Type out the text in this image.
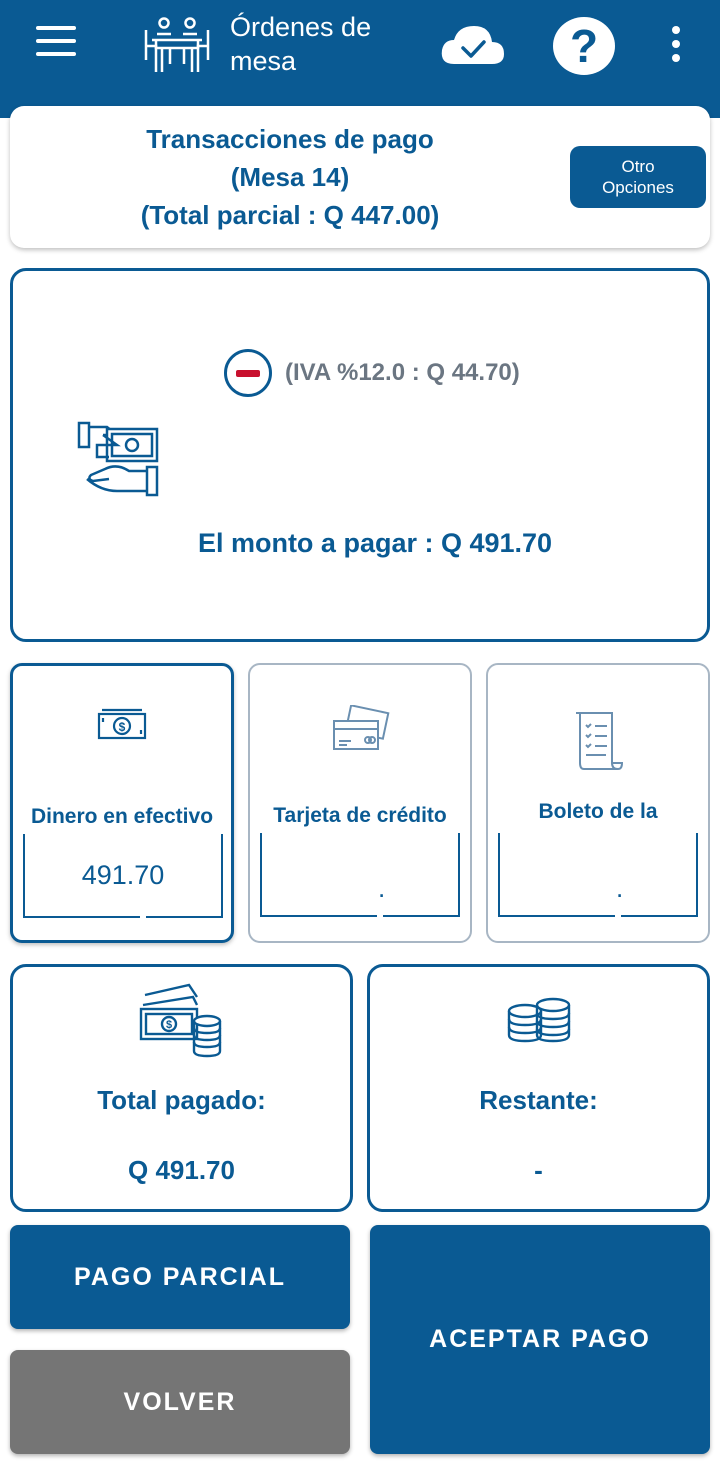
Órdenes de mesa	?
Transacciones de pago
(Mesa 14)
(Total parcial : Q 447.00)
Otro
Opciones
(IVA %12.0 : Q 44.70)
El monto a pagar : Q 491.70
$
Dinero en efectivo
491.70
Tarjeta de crédito
.
Boleto de la
.
$
Total pagado:
Q 491.70
Restante:
-
PAGO PARCIAL
VOLVER
ACEPTAR PAGO
